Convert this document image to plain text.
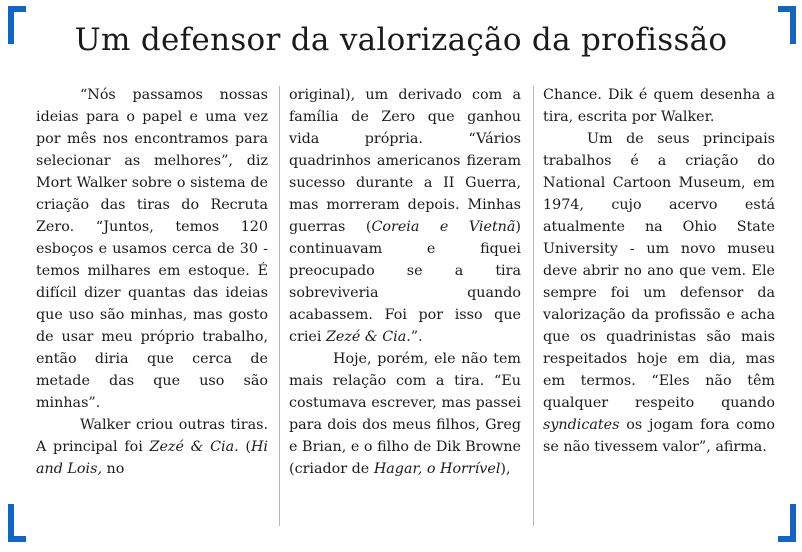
Um defensor da valorização da profissão

“Nós passamos nossas ideias para o papel e uma vez por mês nos encontramos para selecionar as melhores”, diz Mort Walker sobre o sistema de criação das tiras do Recruta Zero. “Juntos, temos 120 esboços e usamos cerca de 30 - temos milhares em estoque. É difícil dizer quantas das ideias que uso são minhas, mas gosto de usar meu próprio trabalho, então diria que cerca de metade das que uso são minhas”.

Walker criou outras tiras. A principal foi Zezé & Cia. (Hi and Lois, no

original), um derivado com a família de Zero que ganhou vida própria. “Vários quadrinhos americanos fizeram sucesso durante a II Guerra, mas morreram depois. Minhas guerras (Coreia e Vietnã) continuavam e fiquei preocupado se a tira sobreviveria quando acabassem. Foi por isso que criei Zezé & Cia.”.

Hoje, porém, ele não tem mais relação com a tira. “Eu costumava escrever, mas passei para dois dos meus filhos, Greg e Brian, e o filho de Dik Browne (criador de Hagar, o Horrível),

Chance. Dik é quem desenha a tira, escrita por Walker.

Um de seus principais trabalhos é a criação do National Cartoon Museum, em 1974, cujo acervo está atualmente na Ohio State University - um novo museu deve abrir no ano que vem. Ele sempre foi um defensor da valorização da profissão e acha que os quadrinistas são mais respeitados hoje em dia, mas em termos. “Eles não têm qualquer respeito quando syndicates os jogam fora como se não tivessem valor”, afirma.
